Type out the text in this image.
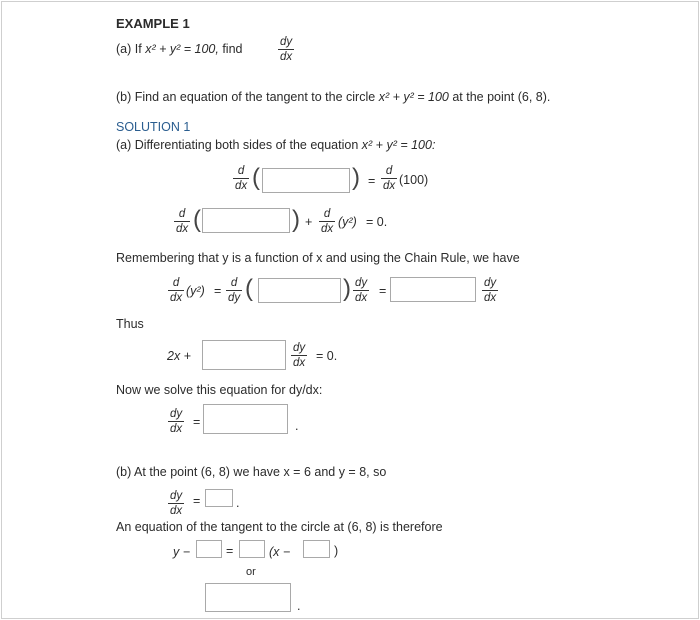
EXAMPLE 1
(a) If x² + y² = 100, find	dy
dx
(b) Find an equation of the tangent to the circle x² + y² = 100 at the point (6, 8).
SOLUTION 1
(a) Differentiating both sides of the equation x² + y² = 100:
d
dx (	) =
d
dx (100)
d
dx (	) +
d
dx (y²) = 0.
Remembering that y is a function of x and using the Chain Rule, we have
d
dx (y²) =
d
dy (	) dy
dx =
dy
dx
Thus
2x +
dy
dx = 0.
Now we solve this equation for dy/dx:
dy
dx =	.
(b) At the point (6, 8) we have x = 6 and y = 8, so
dy
dx
=	.
An equation of the tangent to the circle at (6, 8) is therefore
y −	=	(x −	)
or
.
